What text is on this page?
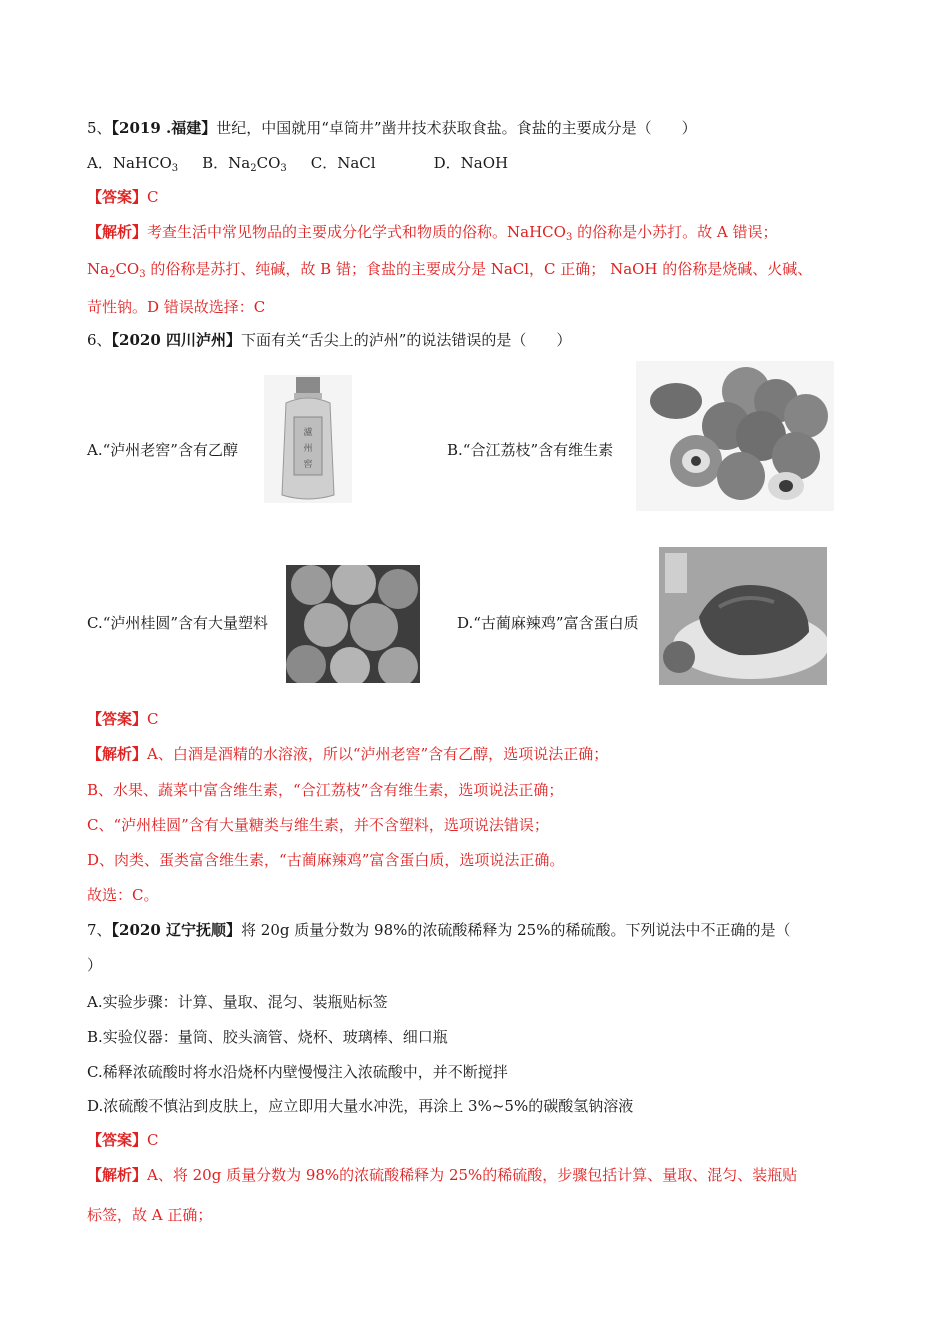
5、【2019 .福建】世纪，中国就用“卓筒井”凿井技术获取食盐。食盐的主要成分是（　　）
A．NaHCO$_3$ B．$Na_2CO_3$ C．NaCl	D．NaOH
【答案】C
【解析】考查生活中常见物品的主要成分化学式和物质的俗称。NaHCO$_3$ 的俗称是小苏打。故 A 错误；
$Na_2CO_3$ 的俗称是苏打、纯碱，故 B 错；食盐的主要成分是 NaCl，C 正确； NaOH 的俗称是烧碱、火碱、
苛性钠。D 错误故选择：C
6、【2020 四川泸州】下面有关“舌尖上的泸州”的说法错误的是（　　）
A.“泸州老窖”含有乙醇
瀘
州
窖
B.“合江荔枝”含有维生素
C.“泸州桂圆”含有大量塑料	D.“古蔺麻辣鸡”富含蛋白质
【答案】C
【解析】A、白酒是酒精的水溶液，所以“泸州老窖”含有乙醇，选项说法正确；
B、水果、蔬菜中富含维生素，“合江荔枝”含有维生素，选项说法正确；
C、“泸州桂圆”含有大量糖类与维生素，并不含塑料，选项说法错误；
D、肉类、蛋类富含维生素，“古蔺麻辣鸡”富含蛋白质，选项说法正确。
故选：C。
7、【2020 辽宁抚顺】将 20g 质量分数为 98%的浓硫酸稀释为 25%的稀硫酸。下列说法中不正确的是（
）
A.实验步骤：计算、量取、混匀、装瓶贴标签
B.实验仪器：量筒、胶头滴管、烧杯、玻璃棒、细口瓶
C.稀释浓硫酸时将水沿烧杯内壁慢慢注入浓硫酸中，并不断搅拌
D.浓硫酸不慎沾到皮肤上，应立即用大量水冲洗，再涂上 3%~5%的碳酸氢钠溶液
【答案】C
【解析】A、将 20g 质量分数为 98%的浓硫酸稀释为 25%的稀硫酸，步骤包括计算、量取、混匀、装瓶贴
标签，故 A 正确；
